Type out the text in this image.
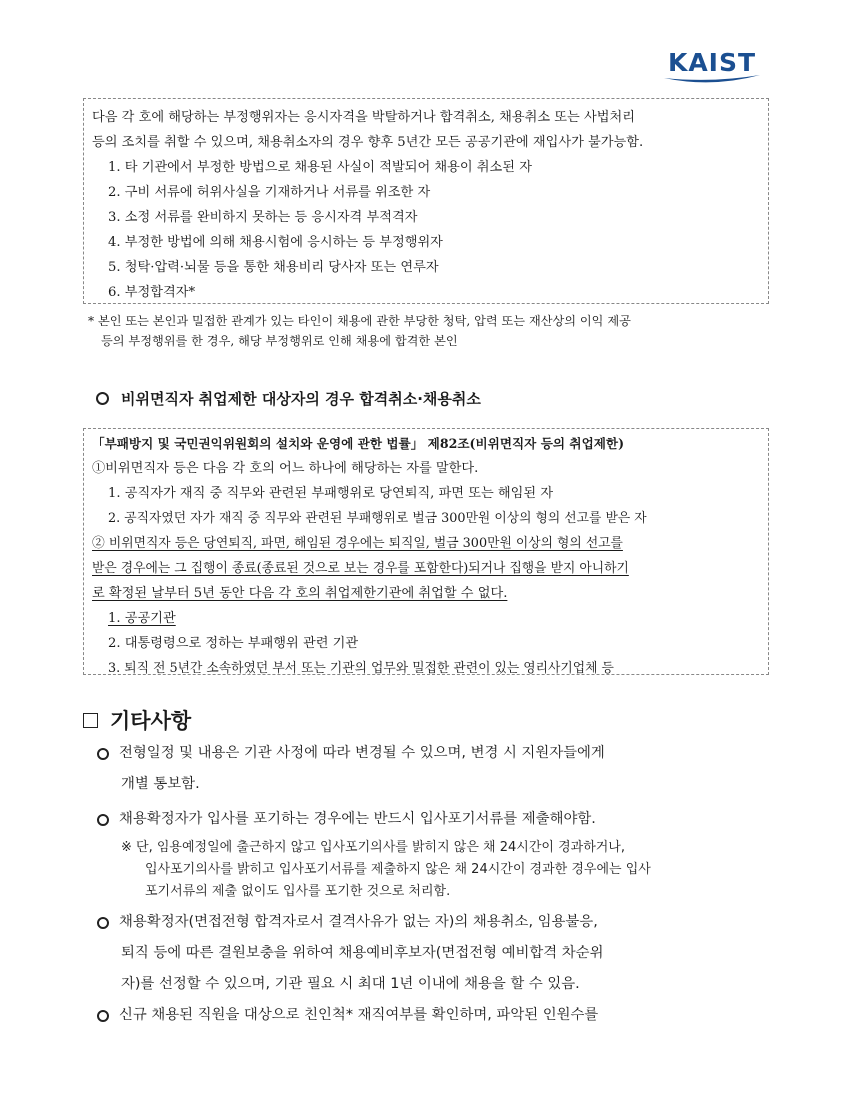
KAIST
다음 각 호에 해당하는 부정행위자는 응시자격을 박탈하거나 합격취소, 채용취소 또는 사법처리
등의 조치를 취할 수 있으며, 채용취소자의 경우 향후 5년간 모든 공공기관에 재입사가 불가능함.
1. 타 기관에서 부정한 방법으로 채용된 사실이 적발되어 채용이 취소된 자
2. 구비 서류에 허위사실을 기재하거나 서류를 위조한 자
3. 소정 서류를 완비하지 못하는 등 응시자격 부적격자
4. 부정한 방법에 의해 채용시험에 응시하는 등 부정행위자
5. 청탁·압력·뇌물 등을 통한 채용비리 당사자 또는 연루자
6. 부정합격자*
* 본인 또는 본인과 밀접한 관계가 있는 타인이 채용에 관한 부당한 청탁, 압력 또는 재산상의 이익 제공
등의 부정행위를 한 경우, 해당 부정행위로 인해 채용에 합격한 본인
비위면직자 취업제한 대상자의 경우 합격취소·채용취소
「부패방지 및 국민권익위원회의 설치와 운영에 관한 법률」 제82조(비위면직자 등의 취업제한)
①비위면직자 등은 다음 각 호의 어느 하나에 해당하는 자를 말한다.
1. 공직자가 재직 중 직무와 관련된 부패행위로 당연퇴직, 파면 또는 해임된 자
2. 공직자였던 자가 재직 중 직무와 관련된 부패행위로 벌금 300만원 이상의 형의 선고를 받은 자
② 비위면직자 등은 당연퇴직, 파면, 해임된 경우에는 퇴직일, 벌금 300만원 이상의 형의 선고를
받은 경우에는 그 집행이 종료(종료된 것으로 보는 경우를 포함한다)되거나 집행을 받지 아니하기
로 확정된 날부터 5년 동안 다음 각 호의 취업제한기관에 취업할 수 없다.
1. 공공기관
2. 대통령령으로 정하는 부패행위 관련 기관
3. 퇴직 전 5년간 소속하였던 부서 또는 기관의 업무와 밀접한 관련이 있는 영리사기업체 등
기타사항
전형일정 및 내용은 기관 사정에 따라 변경될 수 있으며, 변경 시 지원자들에게
개별 통보함.
채용확정자가 입사를 포기하는 경우에는 반드시 입사포기서류를 제출해야함.
※ 단, 임용예정일에 출근하지 않고 입사포기의사를 밝히지 않은 채 24시간이 경과하거나,
입사포기의사를 밝히고 입사포기서류를 제출하지 않은 채 24시간이 경과한 경우에는 입사
포기서류의 제출 없이도 입사를 포기한 것으로 처리함.
채용확정자(면접전형 합격자로서 결격사유가 없는 자)의 채용취소, 임용불응,
퇴직 등에 따른 결원보충을 위하여 채용예비후보자(면접전형 예비합격 차순위
자)를 선정할 수 있으며, 기관 필요 시 최대 1년 이내에 채용을 할 수 있음.
신규 채용된 직원을 대상으로 친인척* 재직여부를 확인하며, 파악된 인원수를
